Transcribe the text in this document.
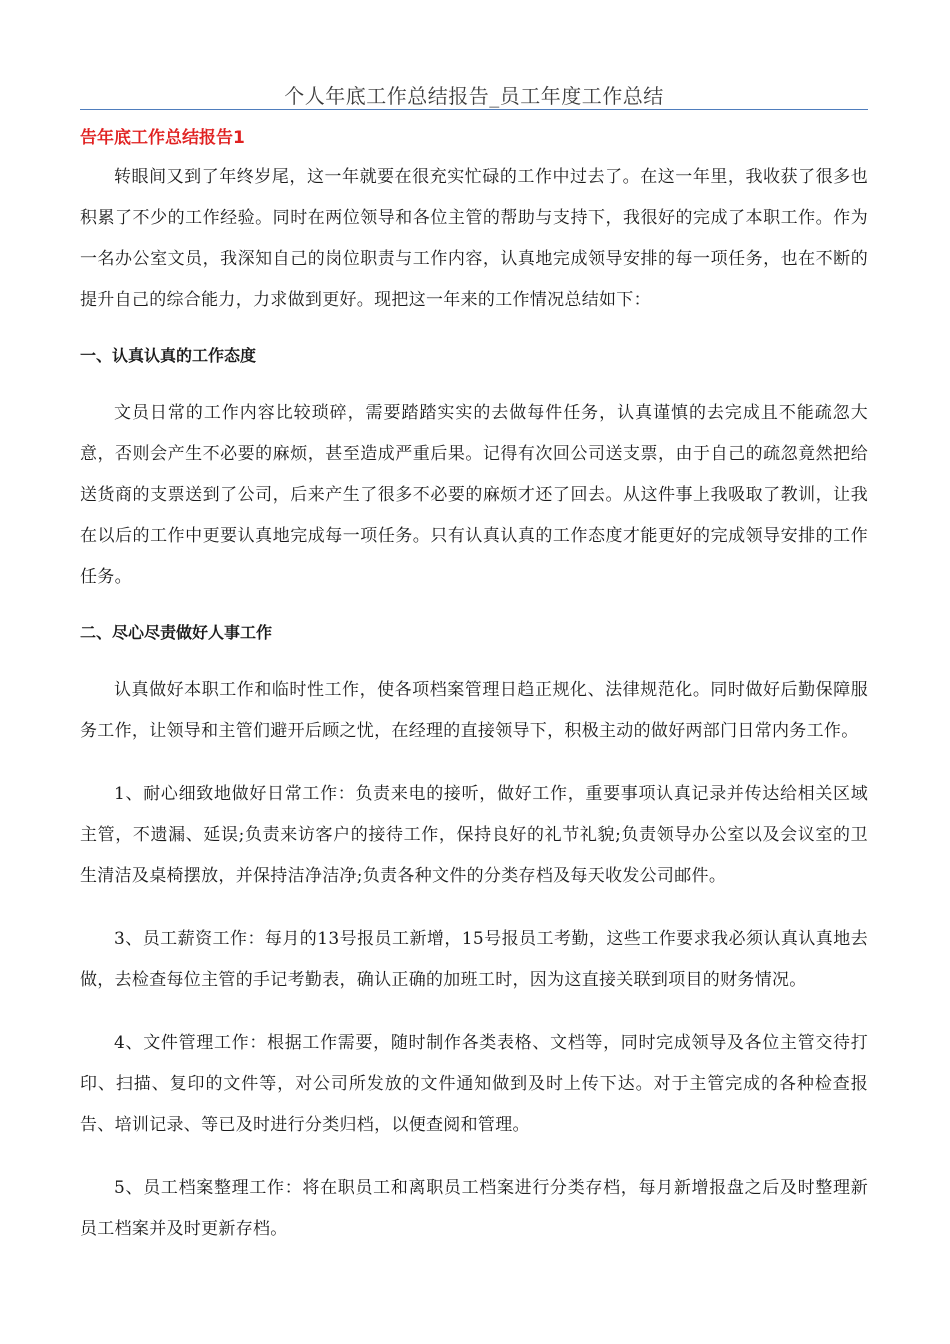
个人年底工作总结报告_员工年度工作总结
告年底工作总结报告1

转眼间又到了年终岁尾，这一年就要在很充实忙碌的工作中过去了。在这一年里，我收获了很多也积累了不少的工作经验。同时在两位领导和各位主管的帮助与支持下，我很好的完成了本职工作。作为一名办公室文员，我深知自己的岗位职责与工作内容，认真地完成领导安排的每一项任务，也在不断的提升自己的综合能力，力求做到更好。现把这一年来的工作情况总结如下：

一、认真认真的工作态度

文员日常的工作内容比较琐碎，需要踏踏实实的去做每件任务，认真谨慎的去完成且不能疏忽大意，否则会产生不必要的麻烦，甚至造成严重后果。记得有次回公司送支票，由于自己的疏忽竟然把给送货商的支票送到了公司，后来产生了很多不必要的麻烦才还了回去。从这件事上我吸取了教训，让我在以后的工作中更要认真地完成每一项任务。只有认真认真的工作态度才能更好的完成领导安排的工作任务。

二、尽心尽责做好人事工作

认真做好本职工作和临时性工作，使各项档案管理日趋正规化、法律规范化。同时做好后勤保障服务工作，让领导和主管们避开后顾之忧，在经理的直接领导下，积极主动的做好两部门日常内务工作。

1、耐心细致地做好日常工作：负责来电的接听，做好工作，重要事项认真记录并传达给相关区域主管，不遗漏、延误;负责来访客户的接待工作，保持良好的礼节礼貌;负责领导办公室以及会议室的卫生清洁及桌椅摆放，并保持洁净洁净;负责各种文件的分类存档及每天收发公司邮件。

3、员工薪资工作：每月的13号报员工新增，15号报员工考勤，这些工作要求我必须认真认真地去做，去检查每位主管的手记考勤表，确认正确的加班工时，因为这直接关联到项目的财务情况。

4、文件管理工作：根据工作需要，随时制作各类表格、文档等，同时完成领导及各位主管交待打印、扫描、复印的文件等，对公司所发放的文件通知做到及时上传下达。对于主管完成的各种检查报告、培训记录、等已及时进行分类归档，以便查阅和管理。

5、员工档案整理工作：将在职员工和离职员工档案进行分类存档，每月新增报盘之后及时整理新员工档案并及时更新存档。
